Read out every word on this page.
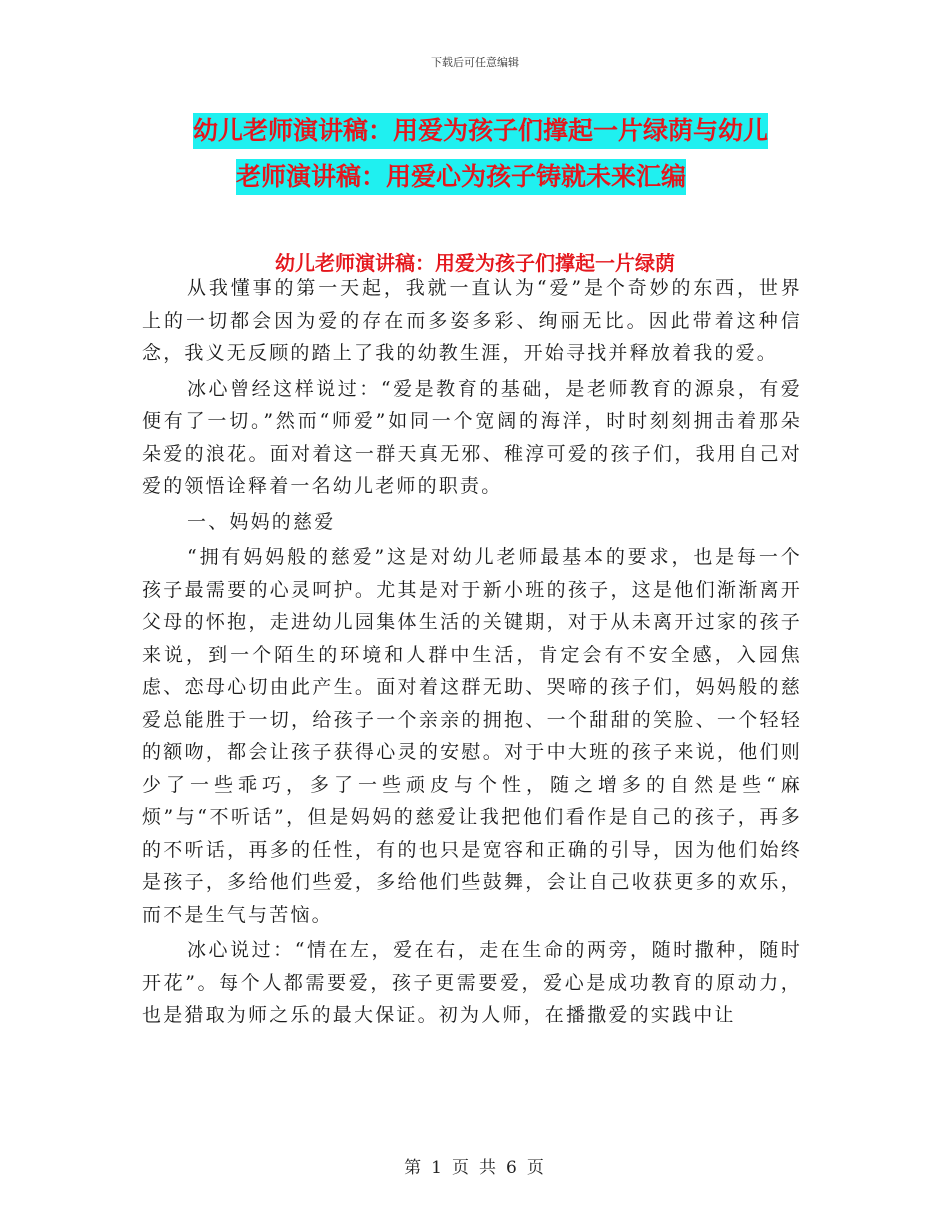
下载后可任意编辑
幼儿老师演讲稿：用爱为孩子们撑起一片绿荫与幼儿
老师演讲稿：用爱心为孩子铸就未来汇编
幼儿老师演讲稿：用爱为孩子们撑起一片绿荫

从我懂事的第一天起，我就一直认为“爱”是个奇妙的东西，世界上的一切都会因为爱的存在而多姿多彩、绚丽无比。因此带着这种信念，我义无反顾的踏上了我的幼教生涯，开始寻找并释放着我的爱。

冰心曾经这样说过：“爱是教育的基础，是老师教育的源泉，有爱便有了一切。”然而“师爱”如同一个宽阔的海洋，时时刻刻拥击着那朵朵爱的浪花。面对着这一群天真无邪、稚淳可爱的孩子们，我用自己对爱的领悟诠释着一名幼儿老师的职责。

一、妈妈的慈爱

“拥有妈妈般的慈爱”这是对幼儿老师最基本的要求，也是每一个孩子最需要的心灵呵护。尤其是对于新小班的孩子，这是他们渐渐离开父母的怀抱，走进幼儿园集体生活的关键期，对于从未离开过家的孩子来说，到一个陌生的环境和人群中生活，肯定会有不安全感，入园焦虑、恋母心切由此产生。面对着这群无助、哭啼的孩子们，妈妈般的慈爱总能胜于一切，给孩子一个亲亲的拥抱、一个甜甜的笑脸、一个轻轻的额吻，都会让孩子获得心灵的安慰。对于中大班的孩子来说，他们则少了一些乖巧，多了一些顽皮与个性，随之增多的自然是些“麻烦”与“不听话”，但是妈妈的慈爱让我把他们看作是自己的孩子，再多的不听话，再多的任性，有的也只是宽容和正确的引导，因为他们始终是孩子，多给他们些爱，多给他们些鼓舞，会让自己收获更多的欢乐，而不是生气与苦恼。

冰心说过：“情在左，爱在右，走在生命的两旁，随时撒种，随时开花”。每个人都需要爱，孩子更需要爱，爱心是成功教育的原动力，也是猎取为师之乐的最大保证。初为人师，在播撒爱的实践中让

第 1 页 共 6 页
